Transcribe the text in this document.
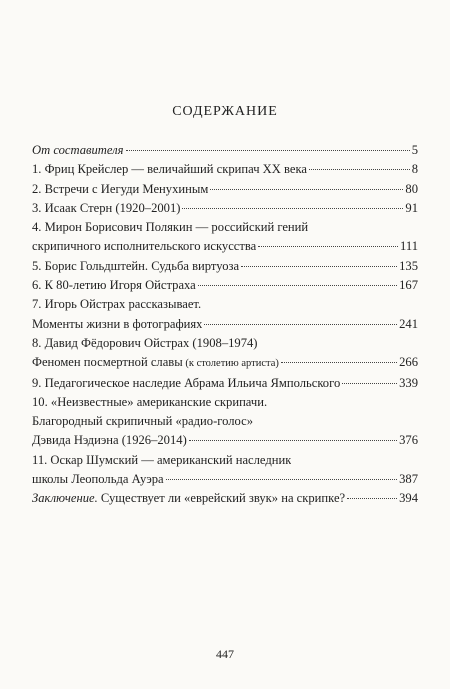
СОДЕРЖАНИЕ
От составителя	5
1. Фриц Крейслер — величайший скрипач XX века	8
2. Встречи с Иегуди Менухиным	80
3. Исаак Стерн (1920–2001)	91
4. Мирон Борисович Полякин — российский гений
скрипичного исполнительского искусства	111
5. Борис Гольдштейн. Судьба виртуоза	135
6. К 80-летию Игоря Ойстраха	167
7. Игорь Ойстрах рассказывает.
Моменты жизни в фотографиях	241
8. Давид Фёдорович Ойстрах (1908–1974)
Феномен посмертной славы (к столетию артиста)	266
9. Педагогическое наследие Абрама Ильича Ямпольского	339
10. «Неизвестные» американские скрипачи.
Благородный скрипичный «радио-голос»
Дэвида Нэдиэна (1926–2014)	376
11. Оскар Шумский — американский наследник
школы Леопольда Ауэра	387
Заключение. Существует ли «еврейский звук» на скрипке?	394
447
